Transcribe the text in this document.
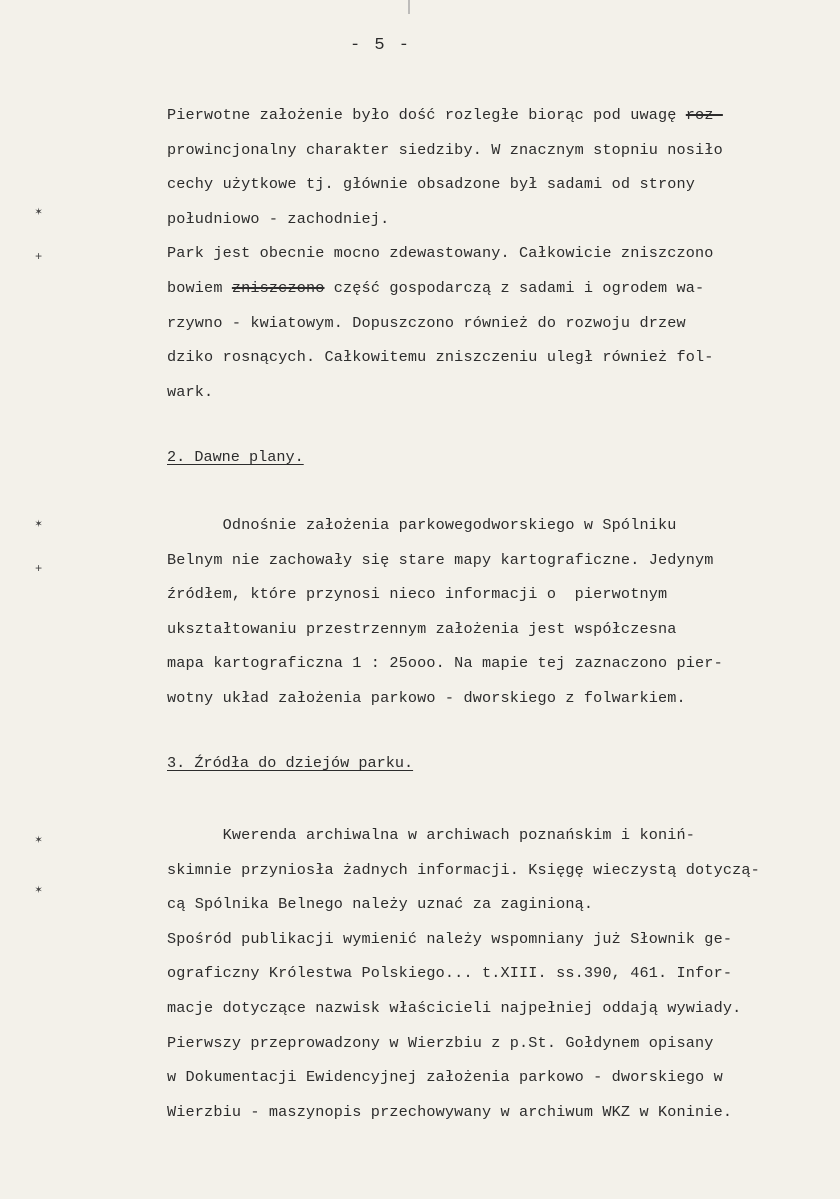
- 5 -
Pierwotne założenie było dość rozległe biorąc pod uwagę roz-
prowincjonalny charakter siedziby. W znacznym stopniu nosiło
cechy użytkowe tj. głównie obsadzone był sadami od strony
południowo - zachodniej.
Park jest obecnie mocno zdewastowany. Całkowicie zniszczono
bowiem zniszczono część gospodarczą z sadami i ogrodem wa-
rzywno - kwiatowym. Dopuszczono również do rozwoju drzew
dziko rosnących. Całkowitemu zniszczeniu uległ również fol-
wark.
2. Dawne plany.
Odnośnie założenia parkowegodworskiego w Spólniku
Belnym nie zachowały się stare mapy kartograficzne. Jedynym
źródłem, które przynosi nieco informacji o  pierwotnym
ukształtowaniu przestrzennym założenia jest współczesna
mapa kartograficzna 1 : 25ooo. Na mapie tej zaznaczono pier-
wotny układ założenia parkowo - dworskiego z folwarkiem.
3. Źródła do dziejów parku.
Kwerenda archiwalna w archiwach poznańskim i koniń-
skimnie przyniosła żadnych informacji. Księgę wieczystą dotyczą-
cą Spólnika Belnego należy uznać za zaginioną.
Spośród publikacji wymienić należy wspomniany już Słownik ge-
ograficzny Królestwa Polskiego... t.XIII. ss.390, 461. Infor-
macje dotyczące nazwisk właścicieli najpełniej oddają wywiady.
Pierwszy przeprowadzony w Wierzbiu z p.St. Gołdynem opisany
w Dokumentacji Ewidencyjnej założenia parkowo - dworskiego w
Wierzbiu - maszynopis przechowywany w archiwum WKZ w Koninie.
✶
+
✶
+
✶
✶
